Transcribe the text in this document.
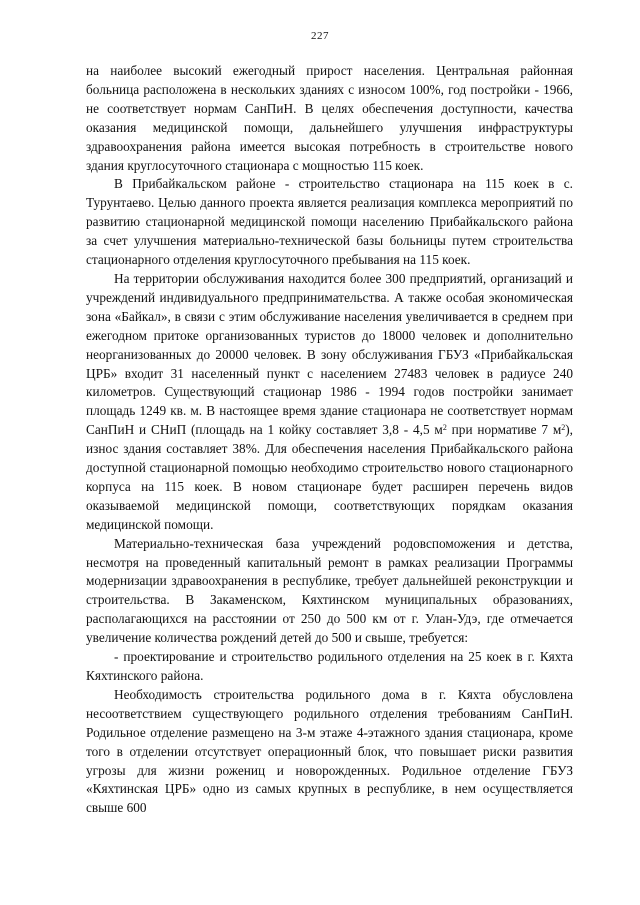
227

на наиболее высокий ежегодный прирост населения. Центральная районная больница расположена в нескольких зданиях с износом 100%, год постройки - 1966, не соответствует нормам СанПиН. В целях обеспечения доступности, качества оказания медицинской помощи, дальнейшего улучшения инфраструктуры здравоохранения района имеется высокая потребность в строительстве нового здания круглосуточного стационара с мощностью 115 коек.

В Прибайкальском районе - строительство стационара на 115 коек в с. Турунтаево. Целью данного проекта является реализация комплекса мероприятий по развитию стационарной медицинской помощи населению Прибайкальского района за счет улучшения материально-технической базы больницы путем строительства стационарного отделения круглосуточного пребывания на 115 коек.

На территории обслуживания находится более 300 предприятий, организаций и учреждений индивидуального предпринимательства. А также особая экономическая зона «Байкал», в связи с этим обслуживание населения увеличивается в среднем при ежегодном притоке организованных туристов до 18000 человек и дополнительно неорганизованных до 20000 человек. В зону обслуживания ГБУЗ «Прибайкальская ЦРБ» входит 31 населенный пункт с населением 27483 человек в радиусе 240 километров. Существующий стационар 1986 - 1994 годов постройки занимает площадь 1249 кв. м. В настоящее время здание стационара не соответствует нормам СанПиН и СНиП (площадь на 1 койку составляет 3,8 - 4,5 $м^2$ при нормативе 7 $м^2$), износ здания составляет 38%. Для обеспечения населения Прибайкальского района доступной стационарной помощью необходимо строительство нового стационарного корпуса на 115 коек. В новом стационаре будет расширен перечень видов оказываемой медицинской помощи, соответствующих порядкам оказания медицинской помощи.

Материально-техническая база учреждений родовспоможения и детства, несмотря на проведенный капитальный ремонт в рамках реализации Программы модернизации здравоохранения в республике, требует дальнейшей реконструкции и строительства. В Закаменском, Кяхтинском муниципальных образованиях, располагающихся на расстоянии от 250 до 500 км от г. Улан-Удэ, где отмечается увеличение количества рождений детей до 500 и свыше, требуется:

- проектирование и строительство родильного отделения на 25 коек в г. Кяхта Кяхтинского района.

Необходимость строительства родильного дома в г. Кяхта обусловлена несоответствием существующего родильного отделения требованиям СанПиН. Родильное отделение размещено на 3-м этаже 4-этажного здания стационара, кроме того в отделении отсутствует операционный блок, что повышает риски развития угрозы для жизни рожениц и новорожденных. Родильное отделение ГБУЗ «Кяхтинская ЦРБ» одно из самых крупных в республике, в нем осуществляется свыше 600
